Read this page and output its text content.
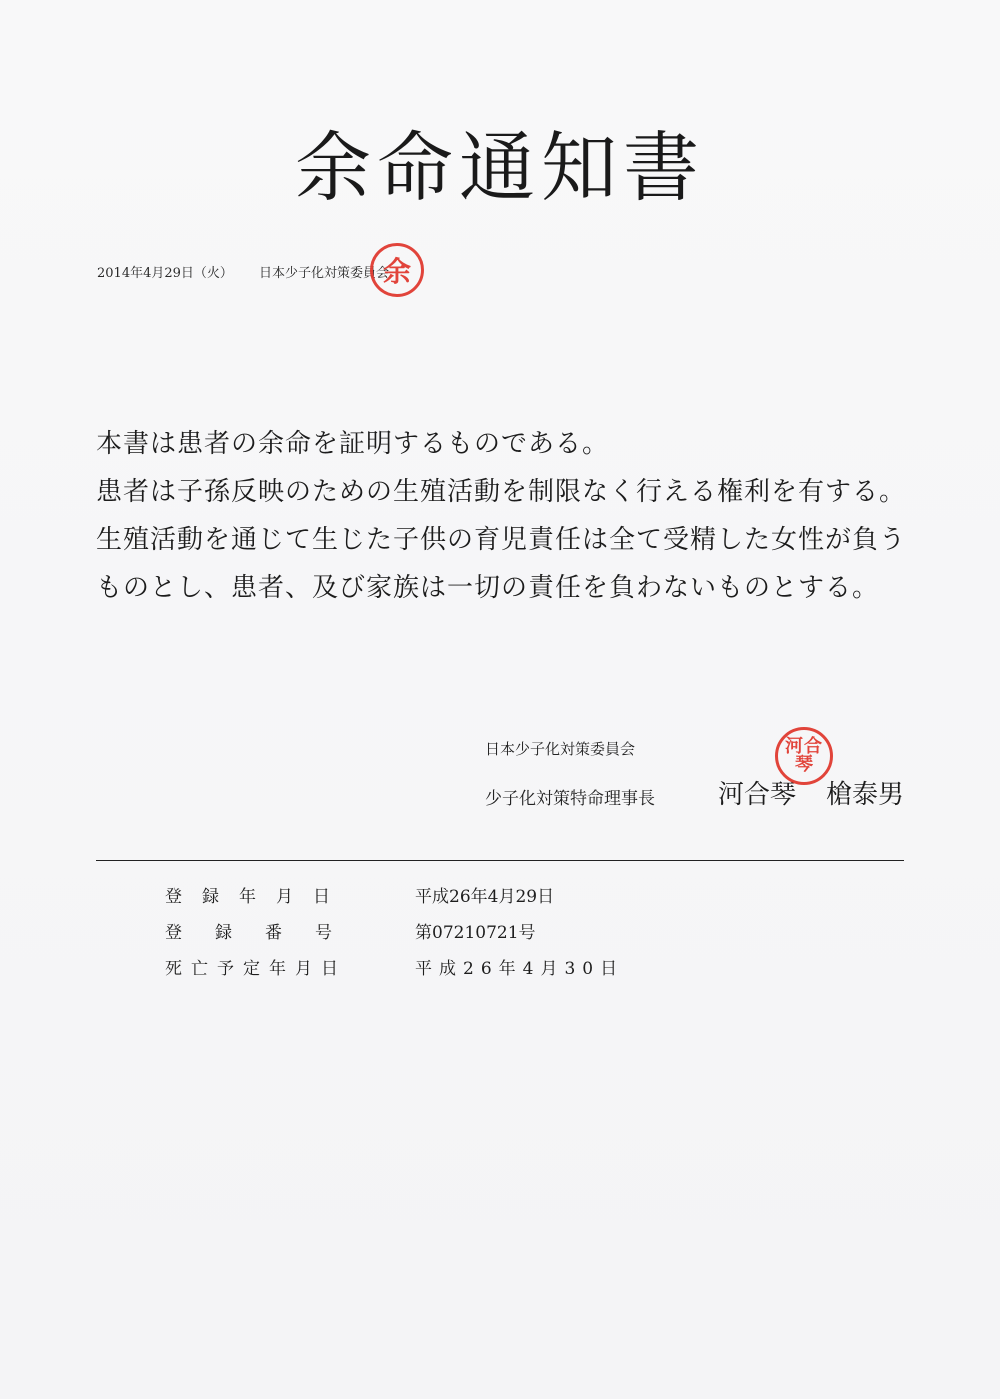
余命通知書
2014年4月29日（火） 日本少子化対策委員会
余

本書は患者の余命を証明するものである。

患者は子孫反映のための生殖活動を制限なく行える権利を有する。

生殖活動を通じて生じた子供の育児責任は全て受精した女性が負う

ものとし、患者、及び家族は一切の責任を負わないものとする。

日本少子化対策委員会
少子化対策特命理事長 河合琴 槍泰男
河合
琴
登録年月日	平成26年4月29日
登録番号	第07210721号
死亡予定年月日	平成26年4月30日
